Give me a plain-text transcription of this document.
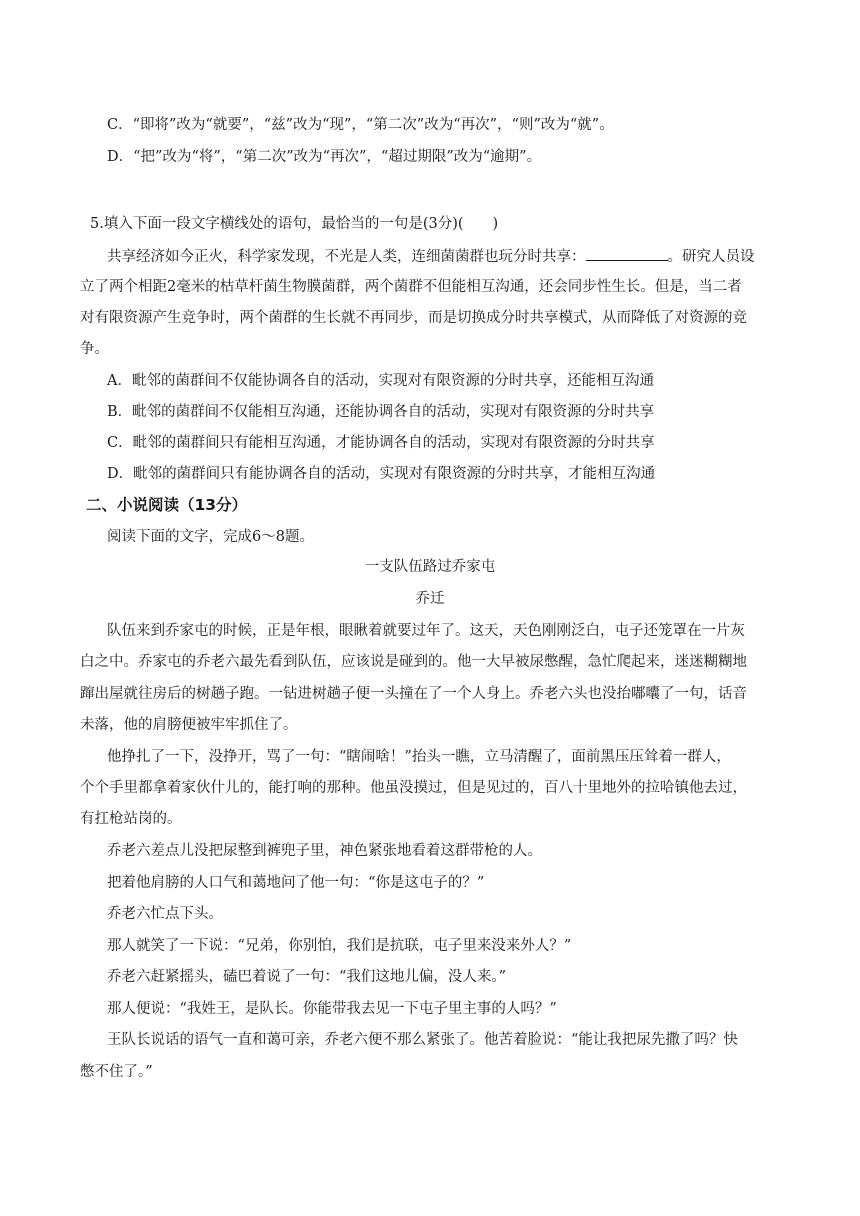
C．“即将”改为“就要”，“兹”改为“现”，“第二次”改为“再次”，“则”改为“就”。
D．“把”改为“将”，“第二次”改为“再次”，“超过期限”改为“逾期”。
5.填入下面一段文字横线处的语句，最恰当的一句是(3分)(　　)
共享经济如今正火，科学家发现，不光是人类，连细菌菌群也玩分时共享：	。研究人员设
立了两个相距2毫米的枯草杆菌生物膜菌群，两个菌群不但能相互沟通，还会同步性生长。但是，当二者
对有限资源产生竞争时，两个菌群的生长就不再同步，而是切换成分时共享模式，从而降低了对资源的竞
争。
A．毗邻的菌群间不仅能协调各自的活动，实现对有限资源的分时共享，还能相互沟通
B．毗邻的菌群间不仅能相互沟通，还能协调各自的活动，实现对有限资源的分时共享
C．毗邻的菌群间只有能相互沟通，才能协调各自的活动，实现对有限资源的分时共享
D．毗邻的菌群间只有能协调各自的活动，实现对有限资源的分时共享，才能相互沟通
二、小说阅读（13分）
阅读下面的文字，完成6～8题。
一支队伍路过乔家屯
乔迁
队伍来到乔家屯的时候，正是年根，眼瞅着就要过年了。这天，天色刚刚泛白，屯子还笼罩在一片灰
白之中。乔家屯的乔老六最先看到队伍，应该说是碰到的。他一大早被尿憋醒，急忙爬起来，迷迷糊糊地
蹿出屋就往房后的树趟子跑。一钻进树趟子便一头撞在了一个人身上。乔老六头也没抬嘟囔了一句，话音
未落，他的肩膀便被牢牢抓住了。
他挣扎了一下，没挣开，骂了一句：“瞎闹啥！”抬头一瞧，立马清醒了，面前黑压压耸着一群人，
个个手里都拿着家伙什儿的，能打响的那种。他虽没摸过，但是见过的，百八十里地外的拉哈镇他去过，
有扛枪站岗的。
乔老六差点儿没把尿整到裤兜子里，神色紧张地看着这群带枪的人。
把着他肩膀的人口气和蔼地问了他一句：“你是这屯子的？”
乔老六忙点下头。
那人就笑了一下说：“兄弟，你别怕，我们是抗联，屯子里来没来外人？”
乔老六赶紧摇头，磕巴着说了一句：“我们这地儿偏，没人来。”
那人便说：“我姓王，是队长。你能带我去见一下屯子里主事的人吗？”
王队长说话的语气一直和蔼可亲，乔老六便不那么紧张了。他苦着脸说：“能让我把尿先撒了吗？快
憋不住了。”
